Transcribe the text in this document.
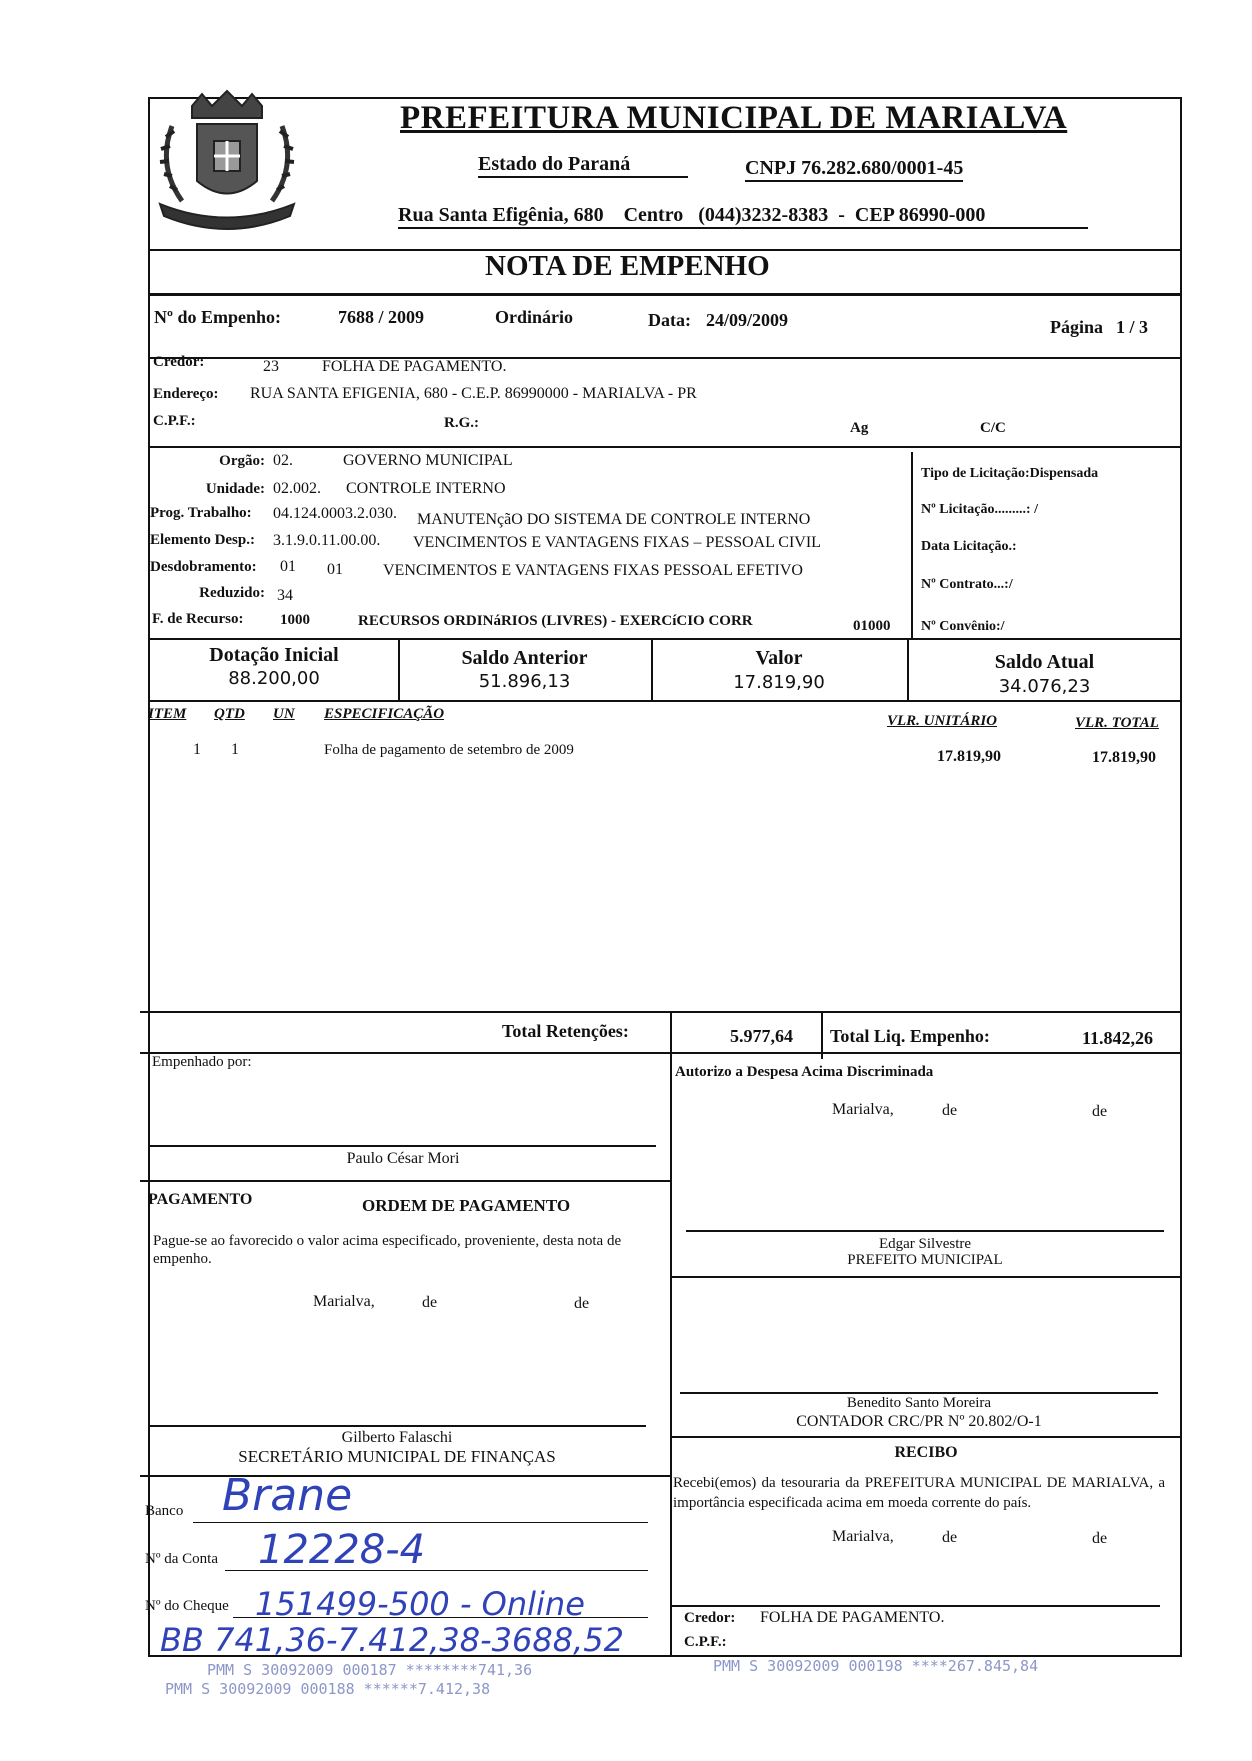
PREFEITURA MUNICIPAL DE MARIALVA
Estado do Paraná	CNPJ 76.282.680/0001-45
Rua Santa Efigênia, 680 Centro (044)3232-8383 - CEP 86990-000
NOTA DE EMPENHO
Nº do Empenho:	7688 / 2009	Ordinário	Data: 24/09/2009	Página 1 / 3
Credor:	23	FOLHA DE PAGAMENTO.
Endereço: RUA SANTA EFIGENIA, 680 - C.E.P. 86990000 - MARIALVA - PR
C.P.F.:	R.G.:	Ag	C/C
Orgão: 02.	GOVERNO MUNICIPAL
Unidade: 02.002. CONTROLE INTERNO
Prog. Trabalho: 04.124.0003.2.030. MANUTENçãO DO SISTEMA DE CONTROLE INTERNO
Elemento Desp.: 3.1.9.0.11.00.00. VENCIMENTOS E VANTAGENS FIXAS – PESSOAL CIVIL
Desdobramento: 01 01	VENCIMENTOS E VANTAGENS FIXAS PESSOAL EFETIVO
Reduzido: 34
F. de Recurso: 1000	RECURSOS ORDINáRIOS (LIVRES) - EXERCíCIO CORR	01000
Tipo de Licitação:Dispensada
Nº Licitação.........: /
Data Licitação.:
Nº Contrato...:/
Nº Convênio:/
Dotação Inicial
88.200,00
Saldo Anterior
51.896,13
Valor
17.819,90
Saldo Atual
34.076,23
ITEM QTD UN ESPECIFICAÇÃO	VLR. UNITÁRIO	VLR. TOTAL
1 1	Folha de pagamento de setembro de 2009	17.819,90	17.819,90
Total Retenções:	5.977,64 Total Liq. Empenho:	11.842,26
Empenhado por:
Paulo César Mori
PAGAMENTO	ORDEM DE PAGAMENTO
Pague-se ao favorecido o valor acima especificado, proveniente, desta nota de empenho.
Marialva,	de	de
Gilberto Falaschi
SECRETÁRIO MUNICIPAL DE FINANÇAS
Banco
Nº da Conta
Nº do Cheque
Brane
12228-4
151499-500 - Online
BB 741,36-7.412,38-3688,52
Autorizo a Despesa Acima Discriminada
Marialva,	de	de
Edgar Silvestre
PREFEITO MUNICIPAL
Benedito Santo Moreira
CONTADOR CRC/PR Nº 20.802/O-1
RECIBO
Recebi(emos) da tesouraria da PREFEITURA MUNICIPAL DE MARIALVA, a importância especificada acima em moeda corrente do país.
Marialva,	de	de
Credor: FOLHA DE PAGAMENTO.
C.P.F.:
PMM S 30092009 000187 ********741,36
PMM S 30092009 000188 ******7.412,38
PMM S 30092009 000198 ****267.845,84
